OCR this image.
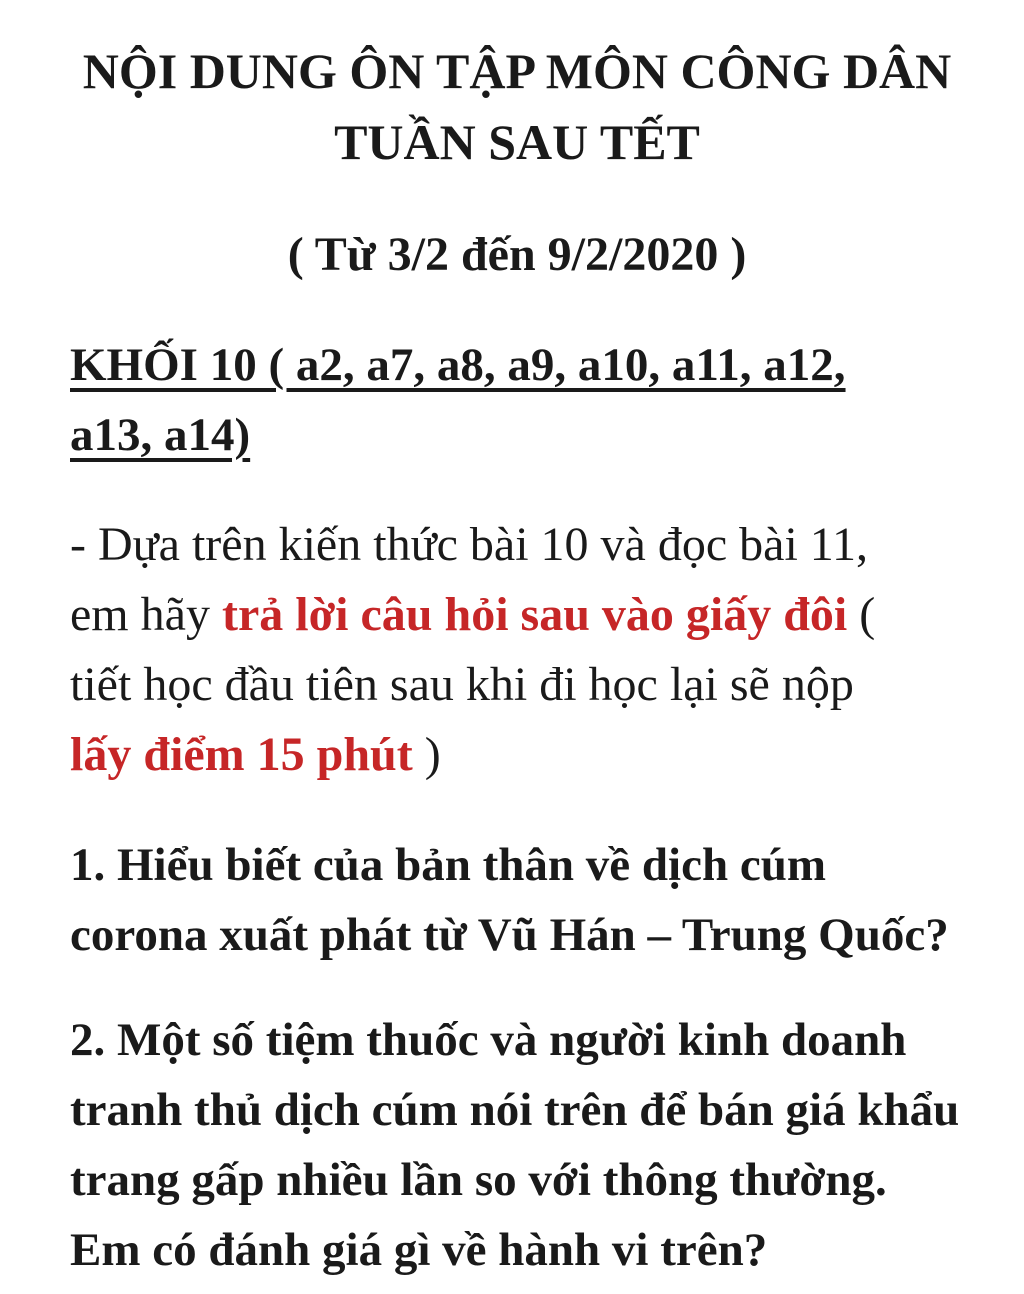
NỘI DUNG ÔN TẬP MÔN CÔNG DÂN
TUẦN SAU TẾT
( Từ 3/2 đến 9/2/2020 )
KHỐI 10 ( a2, a7, a8, a9, a10, a11, a12,
a13, a14)
- Dựa trên kiến thức bài 10 và đọc bài 11,
em hãy trả lời câu hỏi sau vào giấy đôi (
tiết học đầu tiên sau khi đi học lại sẽ nộp
lấy điểm 15 phút )
1. Hiểu biết của bản thân về dịch cúm
corona xuất phát từ Vũ Hán – Trung Quốc?
2. Một số tiệm thuốc và người kinh doanh
tranh thủ dịch cúm nói trên để bán giá khẩu
trang gấp nhiều lần so với thông thường.
Em có đánh giá gì về hành vi trên?
